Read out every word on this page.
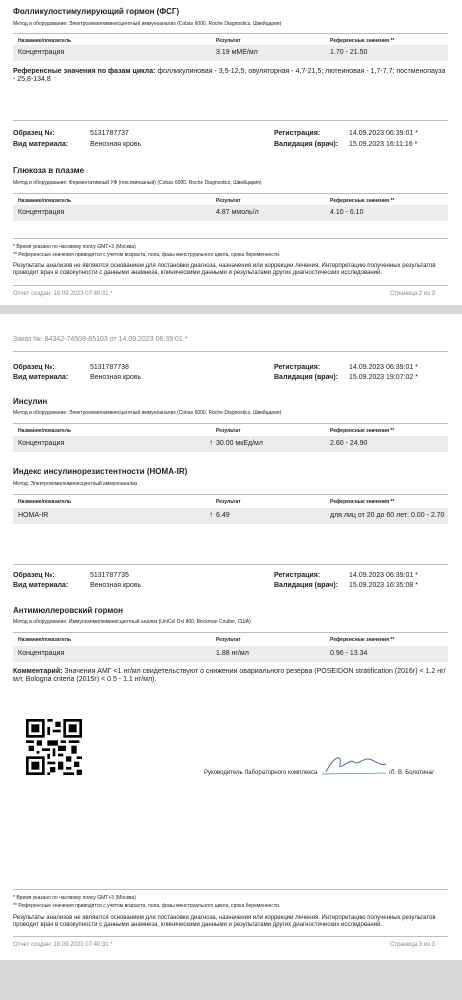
Фолликулостимулирующий гормон (ФСГ)
Метод и оборудование: Электрохемилюминесцентный иммуноанализ (Cobas 6000, Roche Diagnostics, Швейцария)
Название/показатель	Результат	Референсные значения **
Концентрация	3.19 мМЕ/мл	1.70 - 21.50
Референсные значения по фазам цикла: фолликулиновая - 3,5-12,5; овуляторная - 4,7-21,5; лютеиновая - 1,7-7,7; постменопауза - 25,8-134,8
Образец №:	5131787737	Регистрация:	14.09.2023 06:39:01 *
Вид материала:	Венозная кровь	Валидация (врач): 15.09.2023 16:11:16 *
Глюкоза в плазме
Метод и оборудование: Ферментативный УФ (гексокиназный) (Cobas 6000, Roche Diagnostics, Швейцария)
Название/показатель	Результат	Референсные значения **
Концентрация	4.87 ммоль/л	4.10 - 6.10
* Время указано по часовому поясу GMT+3 (Москва)
** Референсные значения приводятся с учетом возраста, пола, фазы менструального цикла, срока беременности.
Результаты анализов не являются основанием для постановки диагноза, назначения или коррекции лечения. Интерпретацию полученных результатов проводит врач в совокупности с данными анамнеза, клиническими данными и результатами других диагностических исследований.
Отчет создан: 18.09.2023 07:40:31 *	Страница 2 из 3
Заказ №: 84342-74508-85103 от 14.09.2023 06:39:01 *
Образец №:	5131787738	Регистрация:	14.09.2023 06:39:01 *
Вид материала:	Венозная кровь	Валидация (врач): 15.09.2023 19:07:02 *
Инсулин
Метод и оборудование: Электрохемилюминесцентный иммуноанализ (Cobas 6000, Roche Diagnostics, Швейцария)
Название/показатель	Результат	Референсные значения **
Концентрация	↑ 30.00 мкЕд/мл	2.60 - 24.90
Индекс инсулинорезистентности (HOMA-IR)
Метод: Электрохемилюминесцентный иммуноанализ
Название/показатель	Результат	Референсные значения **
HOMA-IR	↑ 6.49	для лиц от 20 до 60 лет: 0.00 - 2.70
Образец №:	5131787735	Регистрация:	14.09.2023 06:39:01 *
Вид материала:	Венозная кровь	Валидация (врач): 15.09.2023 16:35:08 *
Антимюллеровский гормон
Метод и оборудование: Иммунохемилюминесцентный анализ (UniCel DxI 800, Beckman Coulter, США)
Название/показатель	Результат	Референсные значения **
Концентрация	1.88 нг/мл	0.96 - 13.34
Комментарий: Значения АМГ <1 нг/мл свидетельствуют о снижении овариального резерва (POSEIDON stratification (2016г) < 1.2 нг/мл; Bologna criteria (2015г) < 0.5 - 1.1 нг/мл).
Руководитель Лабораторного комплекса	/Л. В. Болотина/
* Время указано по часовому поясу GMT+3 (Москва)
** Референсные значения приводятся с учетом возраста, пола, фазы менструального цикла, срока беременности.
Результаты анализов не являются основанием для постановки диагноза, назначения или коррекции лечения. Интерпретацию полученных результатов проводит врач в совокупности с данными анамнеза, клиническими данными и результатами других диагностических исследований.
Отчет создан: 18.09.2023 07:40:31 *	Страница 3 из 3
